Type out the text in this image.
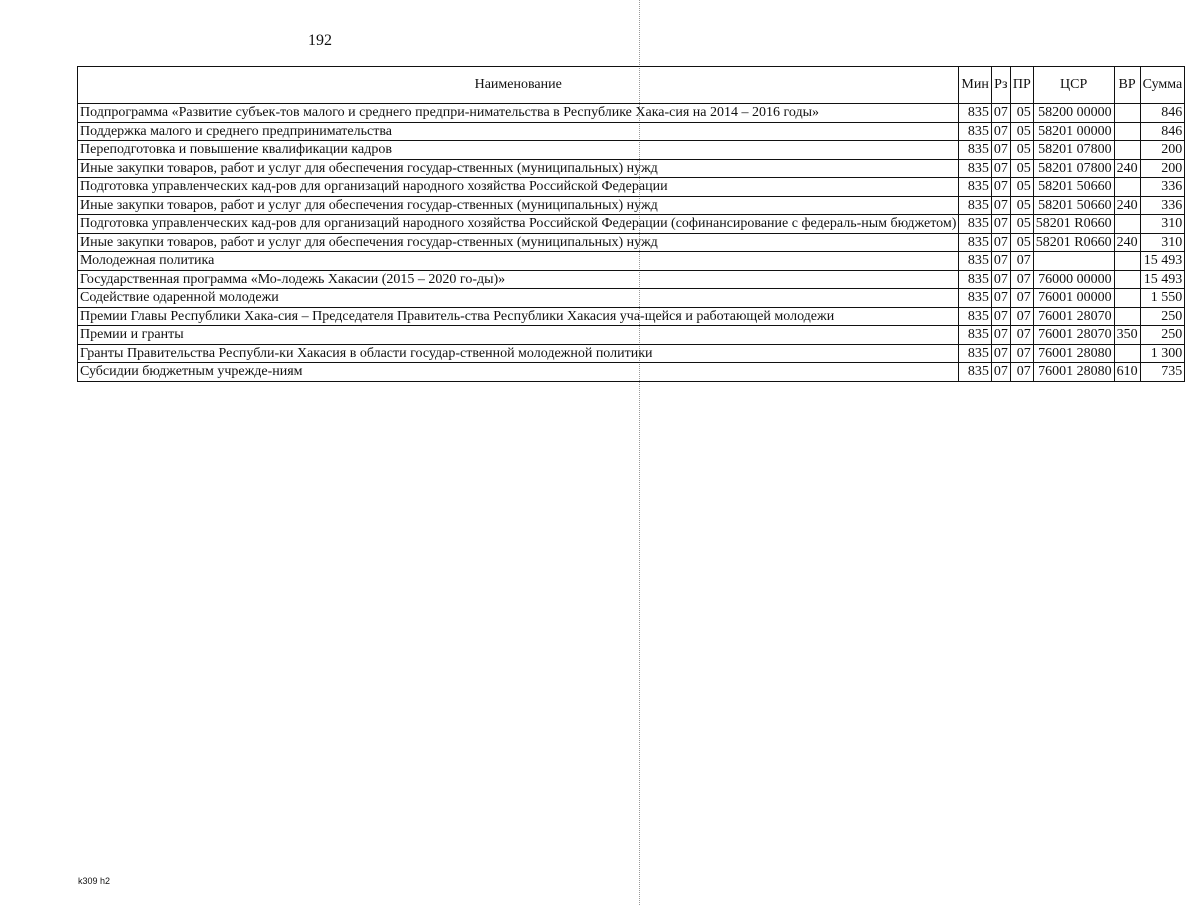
192
Наименование	Мин	Рз	ПР	ЦСР	ВР	Сумма
Подпрограмма «Развитие субъек-тов малого и среднего предпри-нимательства в Республике Хака-сия на 2014 – 2016 годы»	835	07	05	58200 00000		846
Поддержка малого и среднего предпринимательства	835	07	05	58201 00000		846
Переподготовка и повышение квалификации кадров	835	07	05	58201 07800		200
Иные закупки товаров, работ и услуг для обеспечения государ-ственных (муниципальных) нужд	835	07	05	58201 07800	240	200
Подготовка управленческих кад-ров для организаций народного хозяйства Российской Федерации	835	07	05	58201 50660		336
Иные закупки товаров, работ и услуг для обеспечения государ-ственных (муниципальных) нужд	835	07	05	58201 50660	240	336
Подготовка управленческих кад-ров для организаций народного хозяйства Российской Федерации (софинансирование с федераль-ным бюджетом)	835	07	05	58201 R0660		310
Иные закупки товаров, работ и услуг для обеспечения государ-ственных (муниципальных) нужд	835	07	05	58201 R0660	240	310
Молодежная политика	835	07	07			15 493
Государственная программа «Мо-лодежь Хакасии (2015 – 2020 го-ды)»	835	07	07	76000 00000		15 493
Содействие одаренной молодежи	835	07	07	76001 00000		1 550
Премии Главы Республики Хака-сия – Председателя Правитель-ства Республики Хакасия уча-щейся и работающей молодежи	835	07	07	76001 28070		250
Премии и гранты	835	07	07	76001 28070	350	250
Гранты Правительства Республи-ки Хакасия в области государ-ственной молодежной политики	835	07	07	76001 28080		1 300
Субсидии бюджетным учрежде-ниям	835	07	07	76001 28080	610	735
k309 h2
